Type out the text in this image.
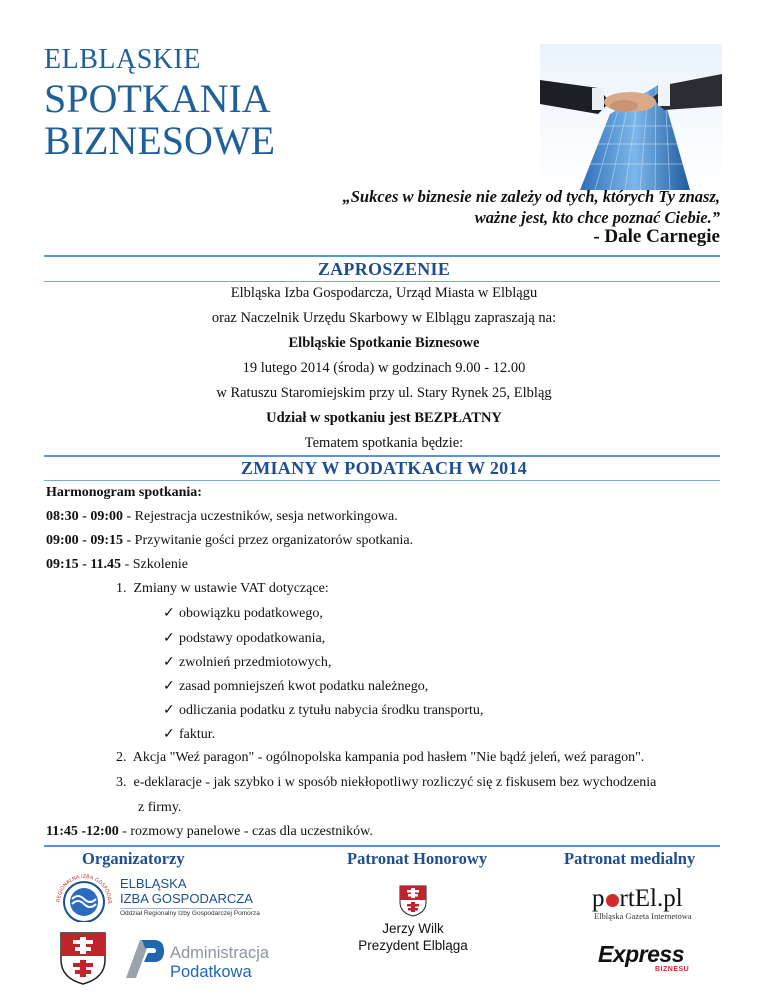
ELBLĄSKIE
SPOTKANIA
BIZNESOWE
„Sukces w biznesie nie zależy od tych, których Ty znasz,
ważne jest, kto chce poznać Ciebie.”
- Dale Carnegie
ZAPROSZENIE
Elbląska Izba Gospodarcza, Urząd Miasta w Elblągu
oraz Naczelnik Urzędu Skarbowy w Elblągu zapraszają na:
Elbląskie Spotkanie Biznesowe
19 lutego 2014 (środa) w godzinach 9.00 - 12.00
w Ratuszu Staromiejskim przy ul. Stary Rynek 25, Elbląg
Udział w spotkaniu jest BEZPŁATNY
Tematem spotkania będzie:
ZMIANY W PODATKACH W 2014
Harmonogram spotkania:
08:30 - 09:00 - Rejestracja uczestników, sesja networkingowa.
09:00 - 09:15 - Przywitanie gości przez organizatorów spotkania.
09:15 - 11.45 - Szkolenie
1. Zmiany w ustawie VAT dotyczące:
✓ obowiązku podatkowego,
✓ podstawy opodatkowania,
✓ zwolnień przedmiotowych,
✓ zasad pomniejszeń kwot podatku należnego,
✓ odliczania podatku z tytułu nabycia środku transportu,
✓ faktur.
2. Akcja "Weź paragon" - ogólnopolska kampania pod hasłem "Nie bądź jeleń, weź paragon".
3. e-deklaracje - jak szybko i w sposób niekłopotliwy rozliczyć się z fiskusem bez wychodzenia
z firmy.
11:45 -12:00 - rozmowy panelowe - czas dla uczestników.
Organizatorzy	Patronat Honorowy	Patronat medialny
REGIONALNA IZBA GOSPODAR
ELBLĄSKA
IZBA GOSPODARCZA
Oddział Regionalny Izby Gospodarczej Pomorza
Administracja
Podatkowa
Jerzy Wilk
Prezydent Elbląga
p rtEl.pl
Elbląska Gazeta Internetowa
Express
BIZNESU
